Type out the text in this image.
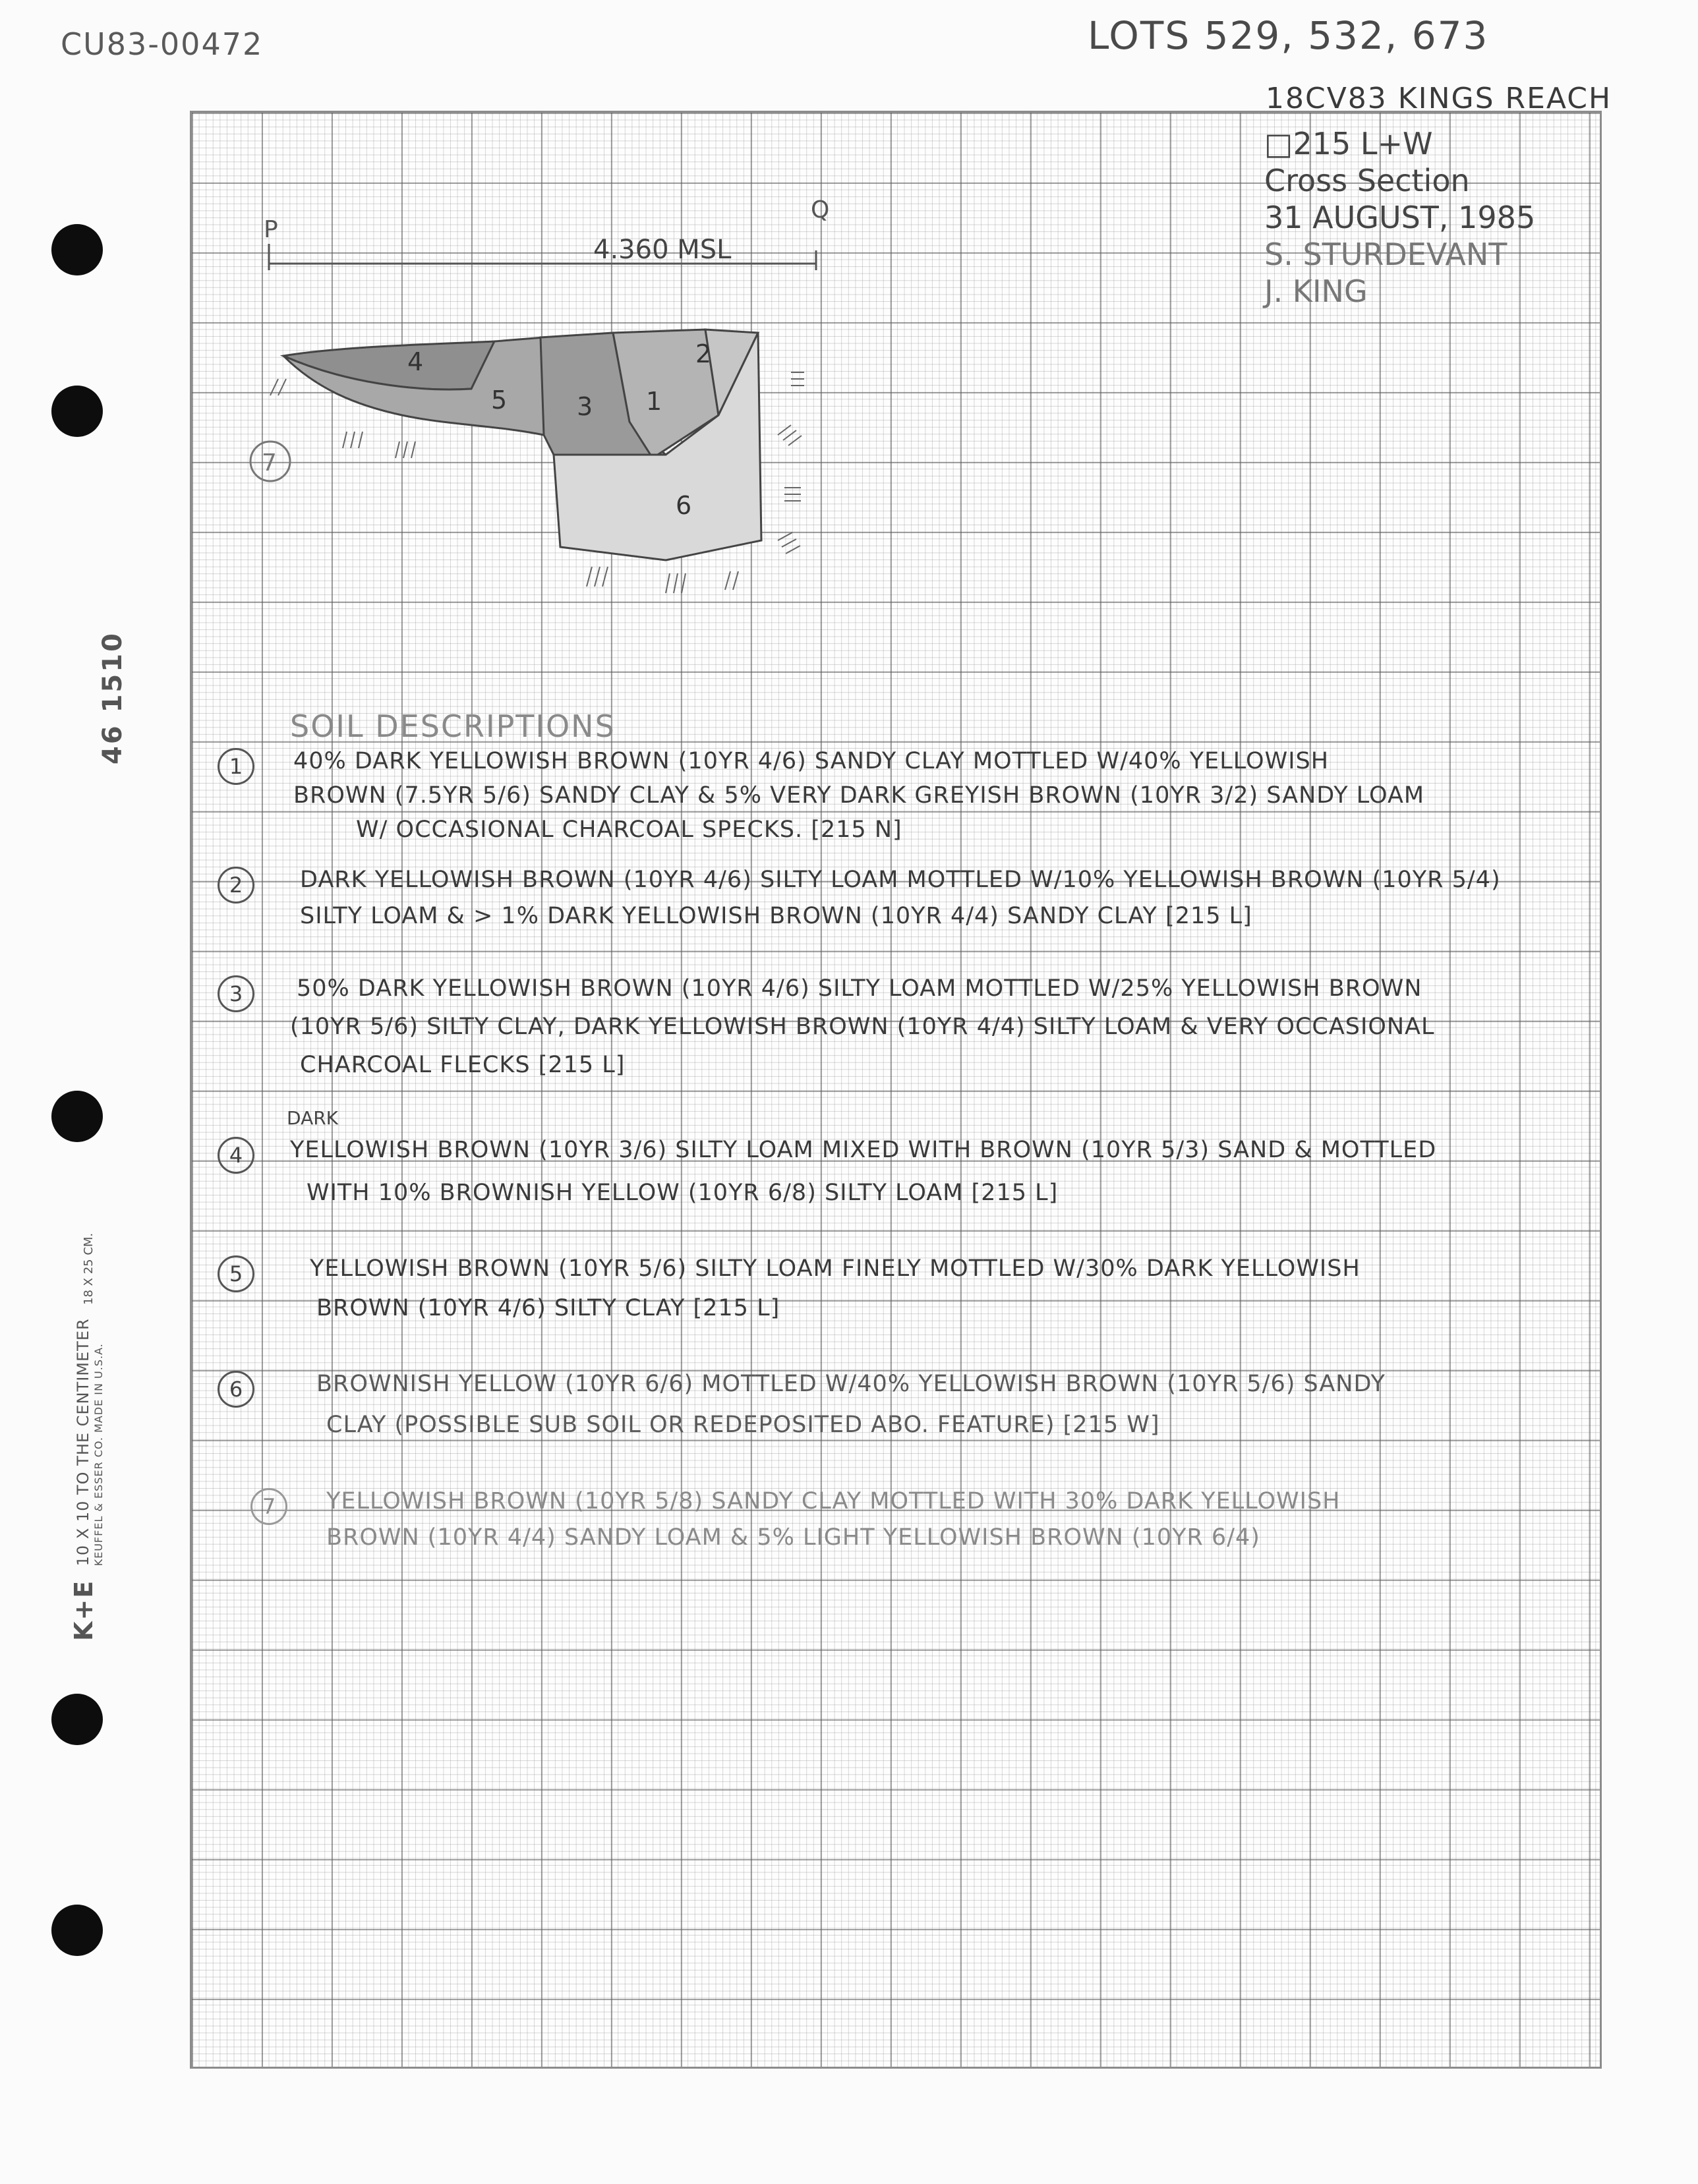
CU83-00472	LOTS 529, 532, 673
18CV83 KINGS REACH
□215 L+W
Cross Section
31 AUGUST, 1985
S. STURDEVANT
J. KING
46 1510
K+E
10 X 10 TO THE CENTIMETER KEUFFEL & ESSER CO. MADE IN U.S.A.
18 X 25 CM.
P
Q
4.360 MSL
4
5	3 1
2
6
7
SOIL DESCRIPTIONS
1	40% DARK YELLOWISH BROWN (10YR 4/6) SANDY CLAY MOTTLED W/40% YELLOWISH
BROWN (7.5YR 5/6) SANDY CLAY & 5% VERY DARK GREYISH BROWN (10YR 3/2) SANDY LOAM
W/ OCCASIONAL CHARCOAL SPECKS. [215 N]
2	DARK YELLOWISH BROWN (10YR 4/6) SILTY LOAM MOTTLED W/10% YELLOWISH BROWN (10YR 5/4)
SILTY LOAM & > 1% DARK YELLOWISH BROWN (10YR 4/4) SANDY CLAY [215 L]
3	50% DARK YELLOWISH BROWN (10YR 4/6) SILTY LOAM MOTTLED W/25% YELLOWISH BROWN
(10YR 5/6) SILTY CLAY, DARK YELLOWISH BROWN (10YR 4/4) SILTY LOAM & VERY OCCASIONAL
CHARCOAL FLECKS [215 L]
DARK
4	YELLOWISH BROWN (10YR 3/6) SILTY LOAM MIXED WITH BROWN (10YR 5/3) SAND & MOTTLED
WITH 10% BROWNISH YELLOW (10YR 6/8) SILTY LOAM [215 L]
5	YELLOWISH BROWN (10YR 5/6) SILTY LOAM FINELY MOTTLED W/30% DARK YELLOWISH
BROWN (10YR 4/6) SILTY CLAY [215 L]
6	BROWNISH YELLOW (10YR 6/6) MOTTLED W/40% YELLOWISH BROWN (10YR 5/6) SANDY
CLAY (POSSIBLE SUB SOIL OR REDEPOSITED ABO. FEATURE) [215 W]
7	YELLOWISH BROWN (10YR 5/8) SANDY CLAY MOTTLED WITH 30% DARK YELLOWISH
BROWN (10YR 4/4) SANDY LOAM & 5% LIGHT YELLOWISH BROWN (10YR 6/4)
